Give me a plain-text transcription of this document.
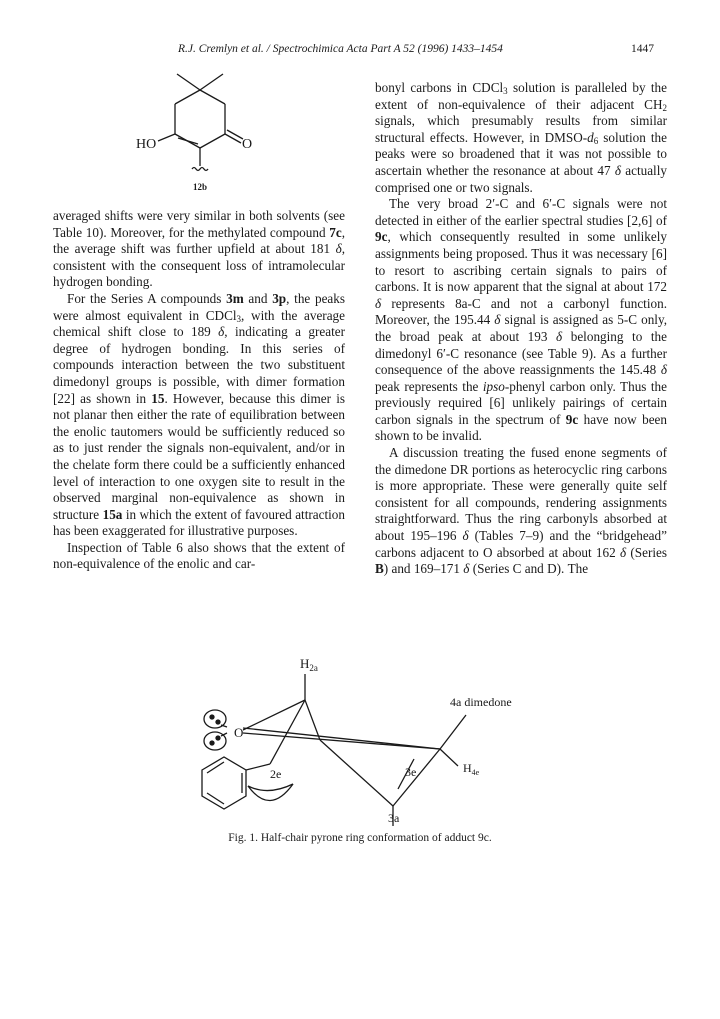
R.J. Cremlyn et al. / Spectrochimica Acta Part A 52 (1996) 1433–1454	1447
HO	O
12b

averaged shifts were very similar in both solvents (see Table 10). Moreover, for the methylated compound 7c, the average shift was further upfield at about 181 δ, consistent with the consequent loss of intramolecular hydrogen bonding.

For the Series A compounds 3m and 3p, the peaks were almost equivalent in CDCl$_3$, with the average chemical shift close to 189 δ, indicating a greater degree of hydrogen bonding. In this series of compounds interaction between the two substituent dimedonyl groups is possible, with dimer formation [22] as shown in 15. However, because this dimer is not planar then either the rate of equilibration between the enolic tautomers would be sufficiently reduced so as to just render the signals non-equivalent, and/or in the chelate form there could be a sufficiently enhanced level of interaction to one oxygen site to result in the observed marginal non-equivalence as shown in structure 15a in which the extent of favoured attraction has been exaggerated for illustrative purposes.

Inspection of Table 6 also shows that the extent of non-equivalence of the enolic and car-

bonyl carbons in CDCl$_3$ solution is paralleled by the extent of non-equivalence of their adjacent $CH_2$ signals, which presumably results from similar structural effects. However, in DMSO-$d_6$ solution the peaks were so broadened that it was not possible to ascertain whether the resonance at about 47 δ actually comprised one or two signals.

The very broad 2′-C and 6′-C signals were not detected in either of the earlier spectral studies [2,6] of 9c, which consequently resulted in some unlikely assignments being proposed. Thus it was necessary [6] to resort to ascribing certain signals to pairs of carbons. It is now apparent that the signal at about 172 δ represents 8a-C and not a carbonyl function. Moreover, the 195.44 δ signal is assigned as 5-C only, the broad peak at about 193 δ belonging to the dimedonyl 6′-C resonance (see Table 9). As a further consequence of the above reassignments the 145.48 δ peak represents the ipso-phenyl carbon only. Thus the previously required [6] unlikely pairings of certain carbon signals in the spectrum of 9c have now been shown to be invalid.

A discussion treating the fused enone segments of the dimedone DR portions as heterocyclic ring carbons is more appropriate. These were generally quite self consistent for all compounds, rendering assignments straightforward. Thus the ring carbonyls absorbed at about 195–196 δ (Tables 7–9) and the “bridgehead” carbons adjacent to O absorbed at about 162 δ (Series B) and 169–171 δ (Series C and D). The

$H_{2a}$
O
2e	3e
4a dimedone
$H_{4e}$
3a
Fig. 1. Half-chair pyrone ring conformation of adduct 9c.
